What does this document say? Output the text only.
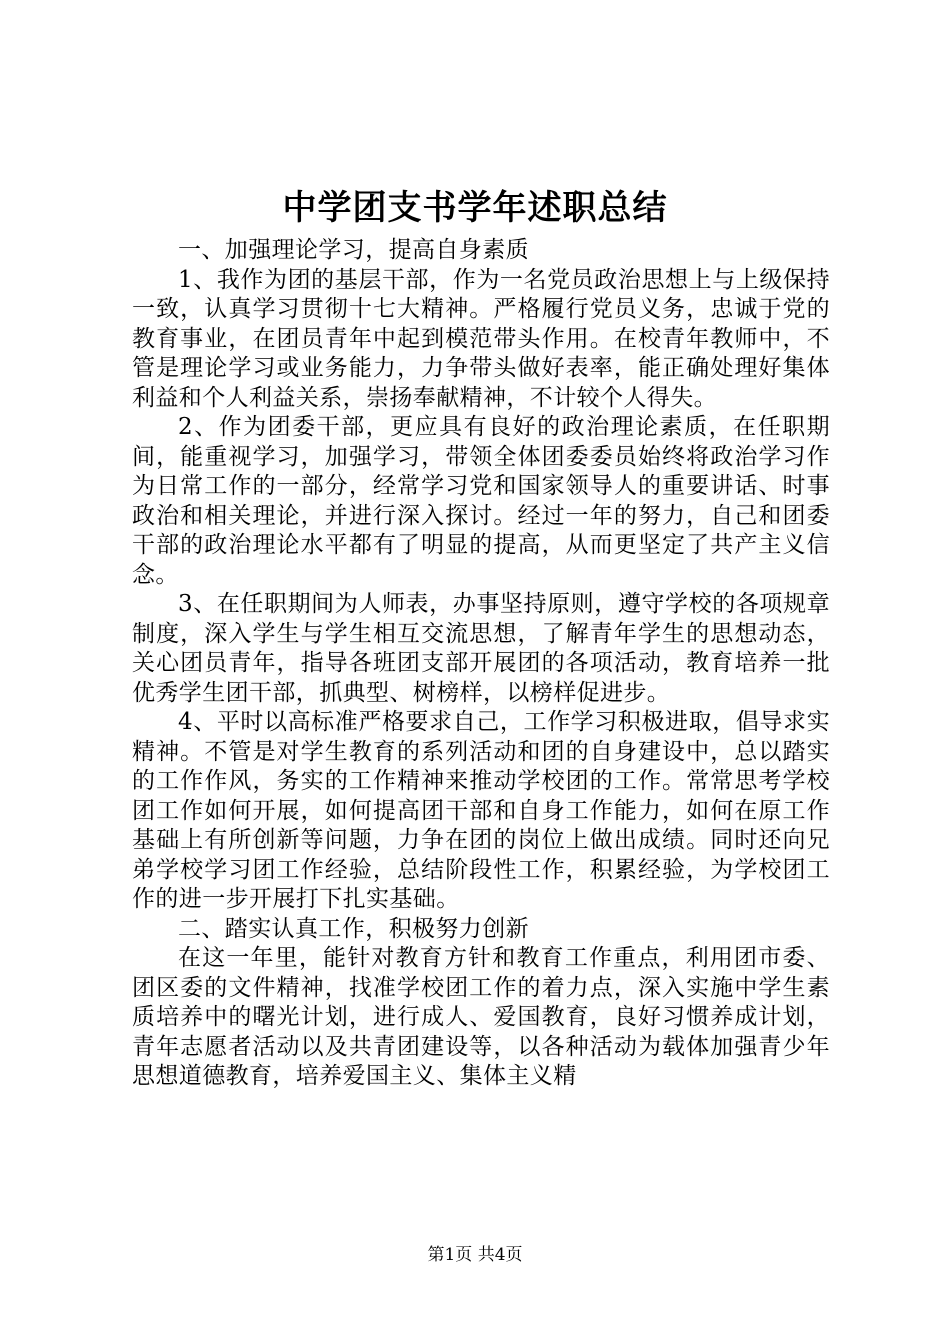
中学团支书学年述职总结

一、加强理论学习，提高自身素质

1、我作为团的基层干部，作为一名党员政治思想上与上级保持一致，认真学习贯彻十七大精神。严格履行党员义务，忠诚于党的教育事业，在团员青年中起到模范带头作用。在校青年教师中，不管是理论学习或业务能力，力争带头做好表率，能正确处理好集体利益和个人利益关系，崇扬奉献精神，不计较个人得失。

2、作为团委干部，更应具有良好的政治理论素质，在任职期间，能重视学习，加强学习，带领全体团委委员始终将政治学习作为日常工作的一部分，经常学习党和国家领导人的重要讲话、时事政治和相关理论，并进行深入探讨。经过一年的努力，自己和团委干部的政治理论水平都有了明显的提高，从而更坚定了共产主义信念。

3、在任职期间为人师表，办事坚持原则，遵守学校的各项规章制度，深入学生与学生相互交流思想，了解青年学生的思想动态，关心团员青年，指导各班团支部开展团的各项活动，教育培养一批优秀学生团干部，抓典型、树榜样，以榜样促进步。

4、平时以高标准严格要求自己，工作学习积极进取，倡导求实精神。不管是对学生教育的系列活动和团的自身建设中，总以踏实的工作作风，务实的工作精神来推动学校团的工作。常常思考学校团工作如何开展，如何提高团干部和自身工作能力，如何在原工作基础上有所创新等问题，力争在团的岗位上做出成绩。同时还向兄弟学校学习团工作经验，总结阶段性工作，积累经验，为学校团工作的进一步开展打下扎实基础。

二、踏实认真工作，积极努力创新

在这一年里，能针对教育方针和教育工作重点，利用团市委、团区委的文件精神，找准学校团工作的着力点，深入实施中学生素质培养中的曙光计划，进行成人、爱国教育，良好习惯养成计划，青年志愿者活动以及共青团建设等，以各种活动为载体加强青少年思想道德教育，培养爱国主义、集体主义精

第1页 共4页
